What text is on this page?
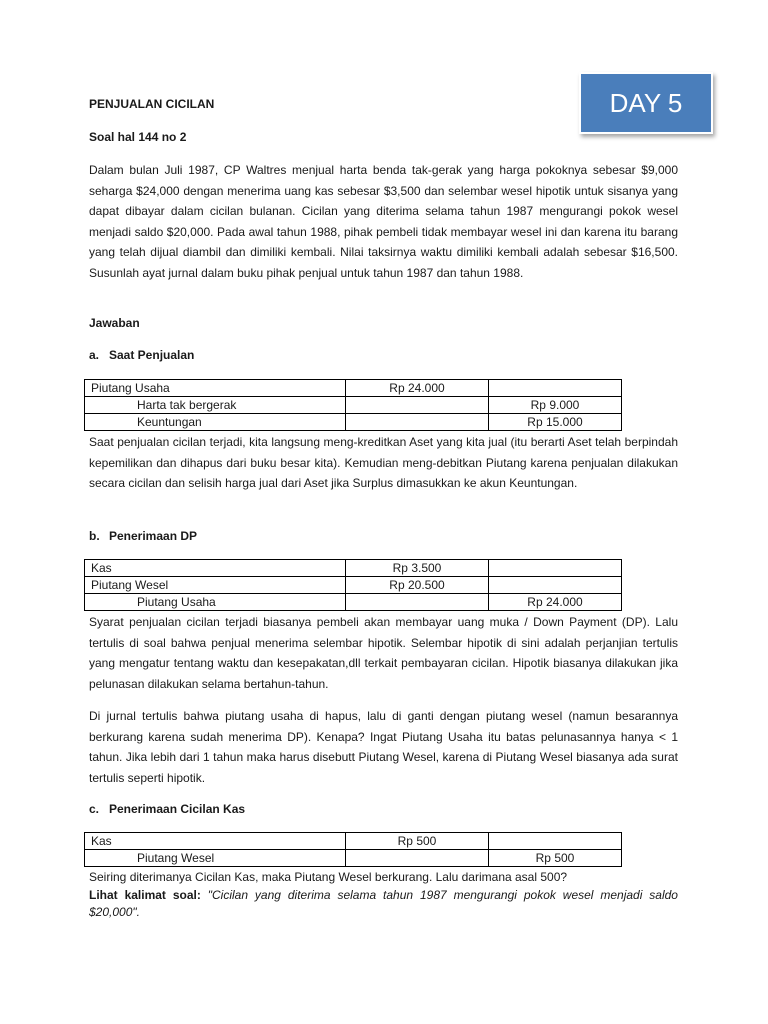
DAY 5
PENJUALAN CICILAN
Soal hal 144 no 2

Dalam bulan Juli 1987, CP Waltres menjual harta benda tak-gerak yang harga pokoknya sebesar $9,000 seharga $24,000 dengan menerima uang kas sebesar $3,500 dan selembar wesel hipotik untuk sisanya yang dapat dibayar dalam cicilan bulanan. Cicilan yang diterima selama tahun 1987 mengurangi pokok wesel menjadi saldo $20,000. Pada awal tahun 1988, pihak pembeli tidak membayar wesel ini dan karena itu barang yang telah dijual diambil dan dimiliki kembali. Nilai taksirnya waktu dimiliki kembali adalah sebesar $16,500. Susunlah ayat jurnal dalam buku pihak penjual untuk tahun 1987 dan tahun 1988.

Jawaban
a. Saat Penjualan
Piutang Usaha	Rp 24.000	
Harta tak bergerak		Rp 9.000
Keuntungan		Rp 15.000

Saat penjualan cicilan terjadi, kita langsung meng-kreditkan Aset yang kita jual (itu berarti Aset telah berpindah kepemilikan dan dihapus dari buku besar kita). Kemudian meng-debitkan Piutang karena penjualan dilakukan secara cicilan dan selisih harga jual dari Aset jika Surplus dimasukkan ke akun Keuntungan.

b. Penerimaan DP
Kas	Rp 3.500	
Piutang Wesel	Rp 20.500	
Piutang Usaha		Rp 24.000

Syarat penjualan cicilan terjadi biasanya pembeli akan membayar uang muka / Down Payment (DP). Lalu tertulis di soal bahwa penjual menerima selembar hipotik. Selembar hipotik di sini adalah perjanjian tertulis yang mengatur tentang waktu dan kesepakatan,dll terkait pembayaran cicilan. Hipotik biasanya dilakukan jika pelunasan dilakukan selama bertahun-tahun.

Di jurnal tertulis bahwa piutang usaha di hapus, lalu di ganti dengan piutang wesel (namun besarannya berkurang karena sudah menerima DP). Kenapa? Ingat Piutang Usaha itu batas pelunasannya hanya < 1 tahun. Jika lebih dari 1 tahun maka harus disebutt Piutang Wesel, karena di Piutang Wesel biasanya ada surat tertulis seperti hipotik.

c. Penerimaan Cicilan Kas
Kas	Rp 500	
Piutang Wesel		Rp 500

Seiring diterimanya Cicilan Kas, maka Piutang Wesel berkurang. Lalu darimana asal 500?

Lihat kalimat soal: "Cicilan yang diterima selama tahun 1987 mengurangi pokok wesel menjadi saldo $20,000".
